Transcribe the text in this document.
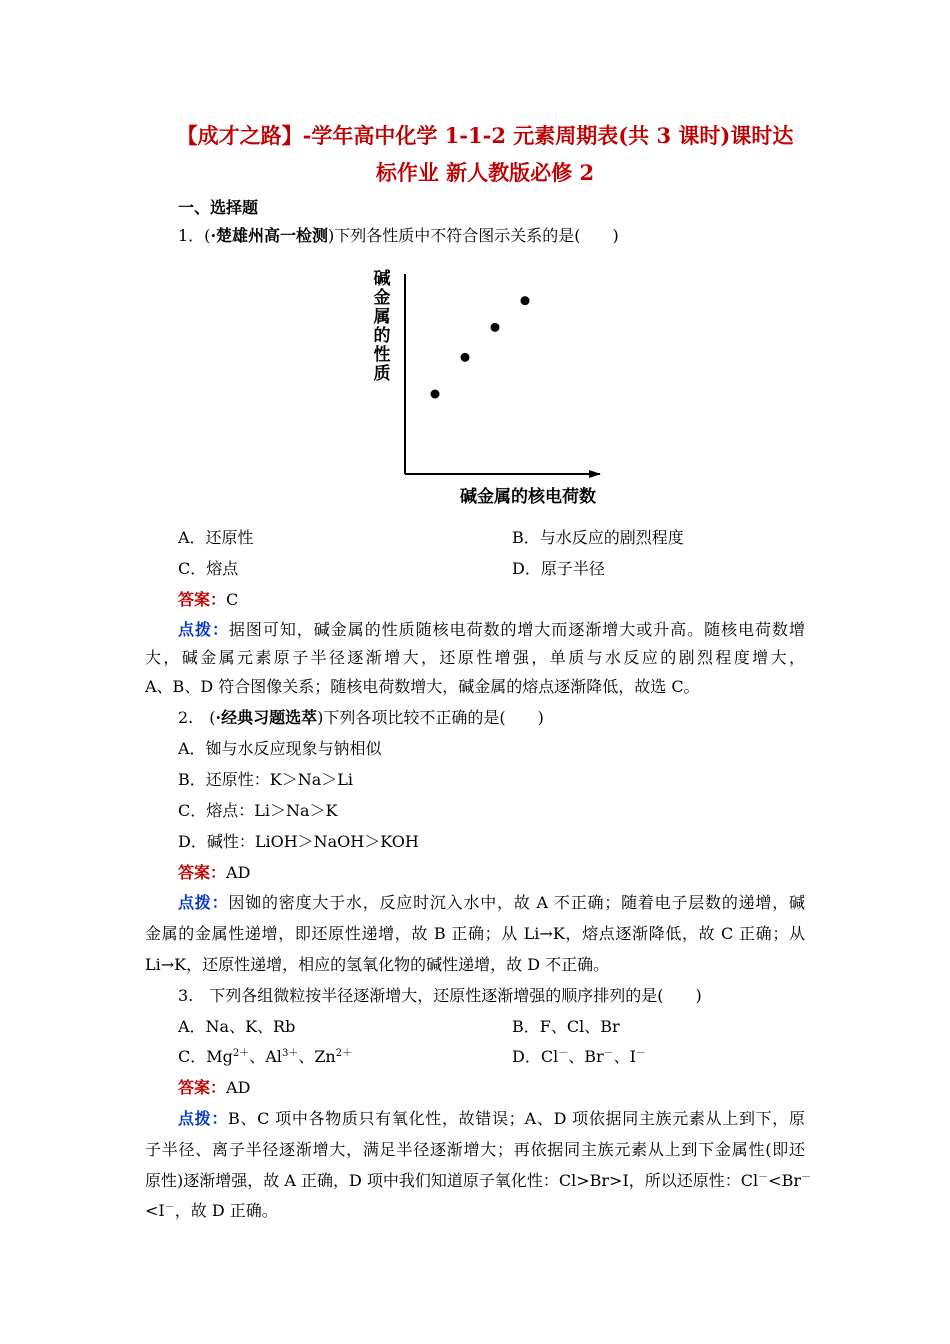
【成才之路】-学年高中化学 1-1-2 元素周期表(共 3 课时)课时达
标作业 新人教版必修 2
一、选择题
1．(·楚雄州高一检测)下列各性质中不符合图示关系的是(　　)
碱金属的性质
碱金属的核电荷数
A．还原性	B．与水反应的剧烈程度
C．熔点	D．原子半径
答案：C
点拨：据图可知，碱金属的性质随核电荷数的增大而逐渐增大或升高。随核电荷数增
大，碱金属元素原子半径逐渐增大，还原性增强，单质与水反应的剧烈程度增大，
A、B、D 符合图像关系；随核电荷数增大，碱金属的熔点逐渐降低，故选 C。
2.　(·经典习题选萃)下列各项比较不正确的是(　　)
A．铷与水反应现象与钠相似
B．还原性：K＞Na＞Li
C．熔点：Li＞Na＞K
D．碱性：LiOH＞NaOH＞KOH
答案：AD
点拨：因铷的密度大于水，反应时沉入水中，故 A 不正确；随着电子层数的递增，碱
金属的金属性递增，即还原性递增，故 B 正确；从 Li→K，熔点逐渐降低，故 C 正确；从
Li→K，还原性递增，相应的氢氧化物的碱性递增，故 D 不正确。
3.　下列各组微粒按半径逐渐增大，还原性逐渐增强的顺序排列的是(　　)
A．Na、K、Rb	B．F、Cl、Br
C．$Mg^{2+}$、$Al^{3+}$、$Zn^{2+}$	D．Cl－、Br－、I－
答案：AD
点拨：B、C 项中各物质只有氧化性，故错误；A、D 项依据同主族元素从上到下，原
子半径、离子半径逐渐增大，满足半径逐渐增大；再依据同主族元素从上到下金属性(即还
原性)逐渐增强，故 A 正确，D 项中我们知道原子氧化性：Cl>Br>I，所以还原性：Cl－<Br－
<I－，故 D 正确。
